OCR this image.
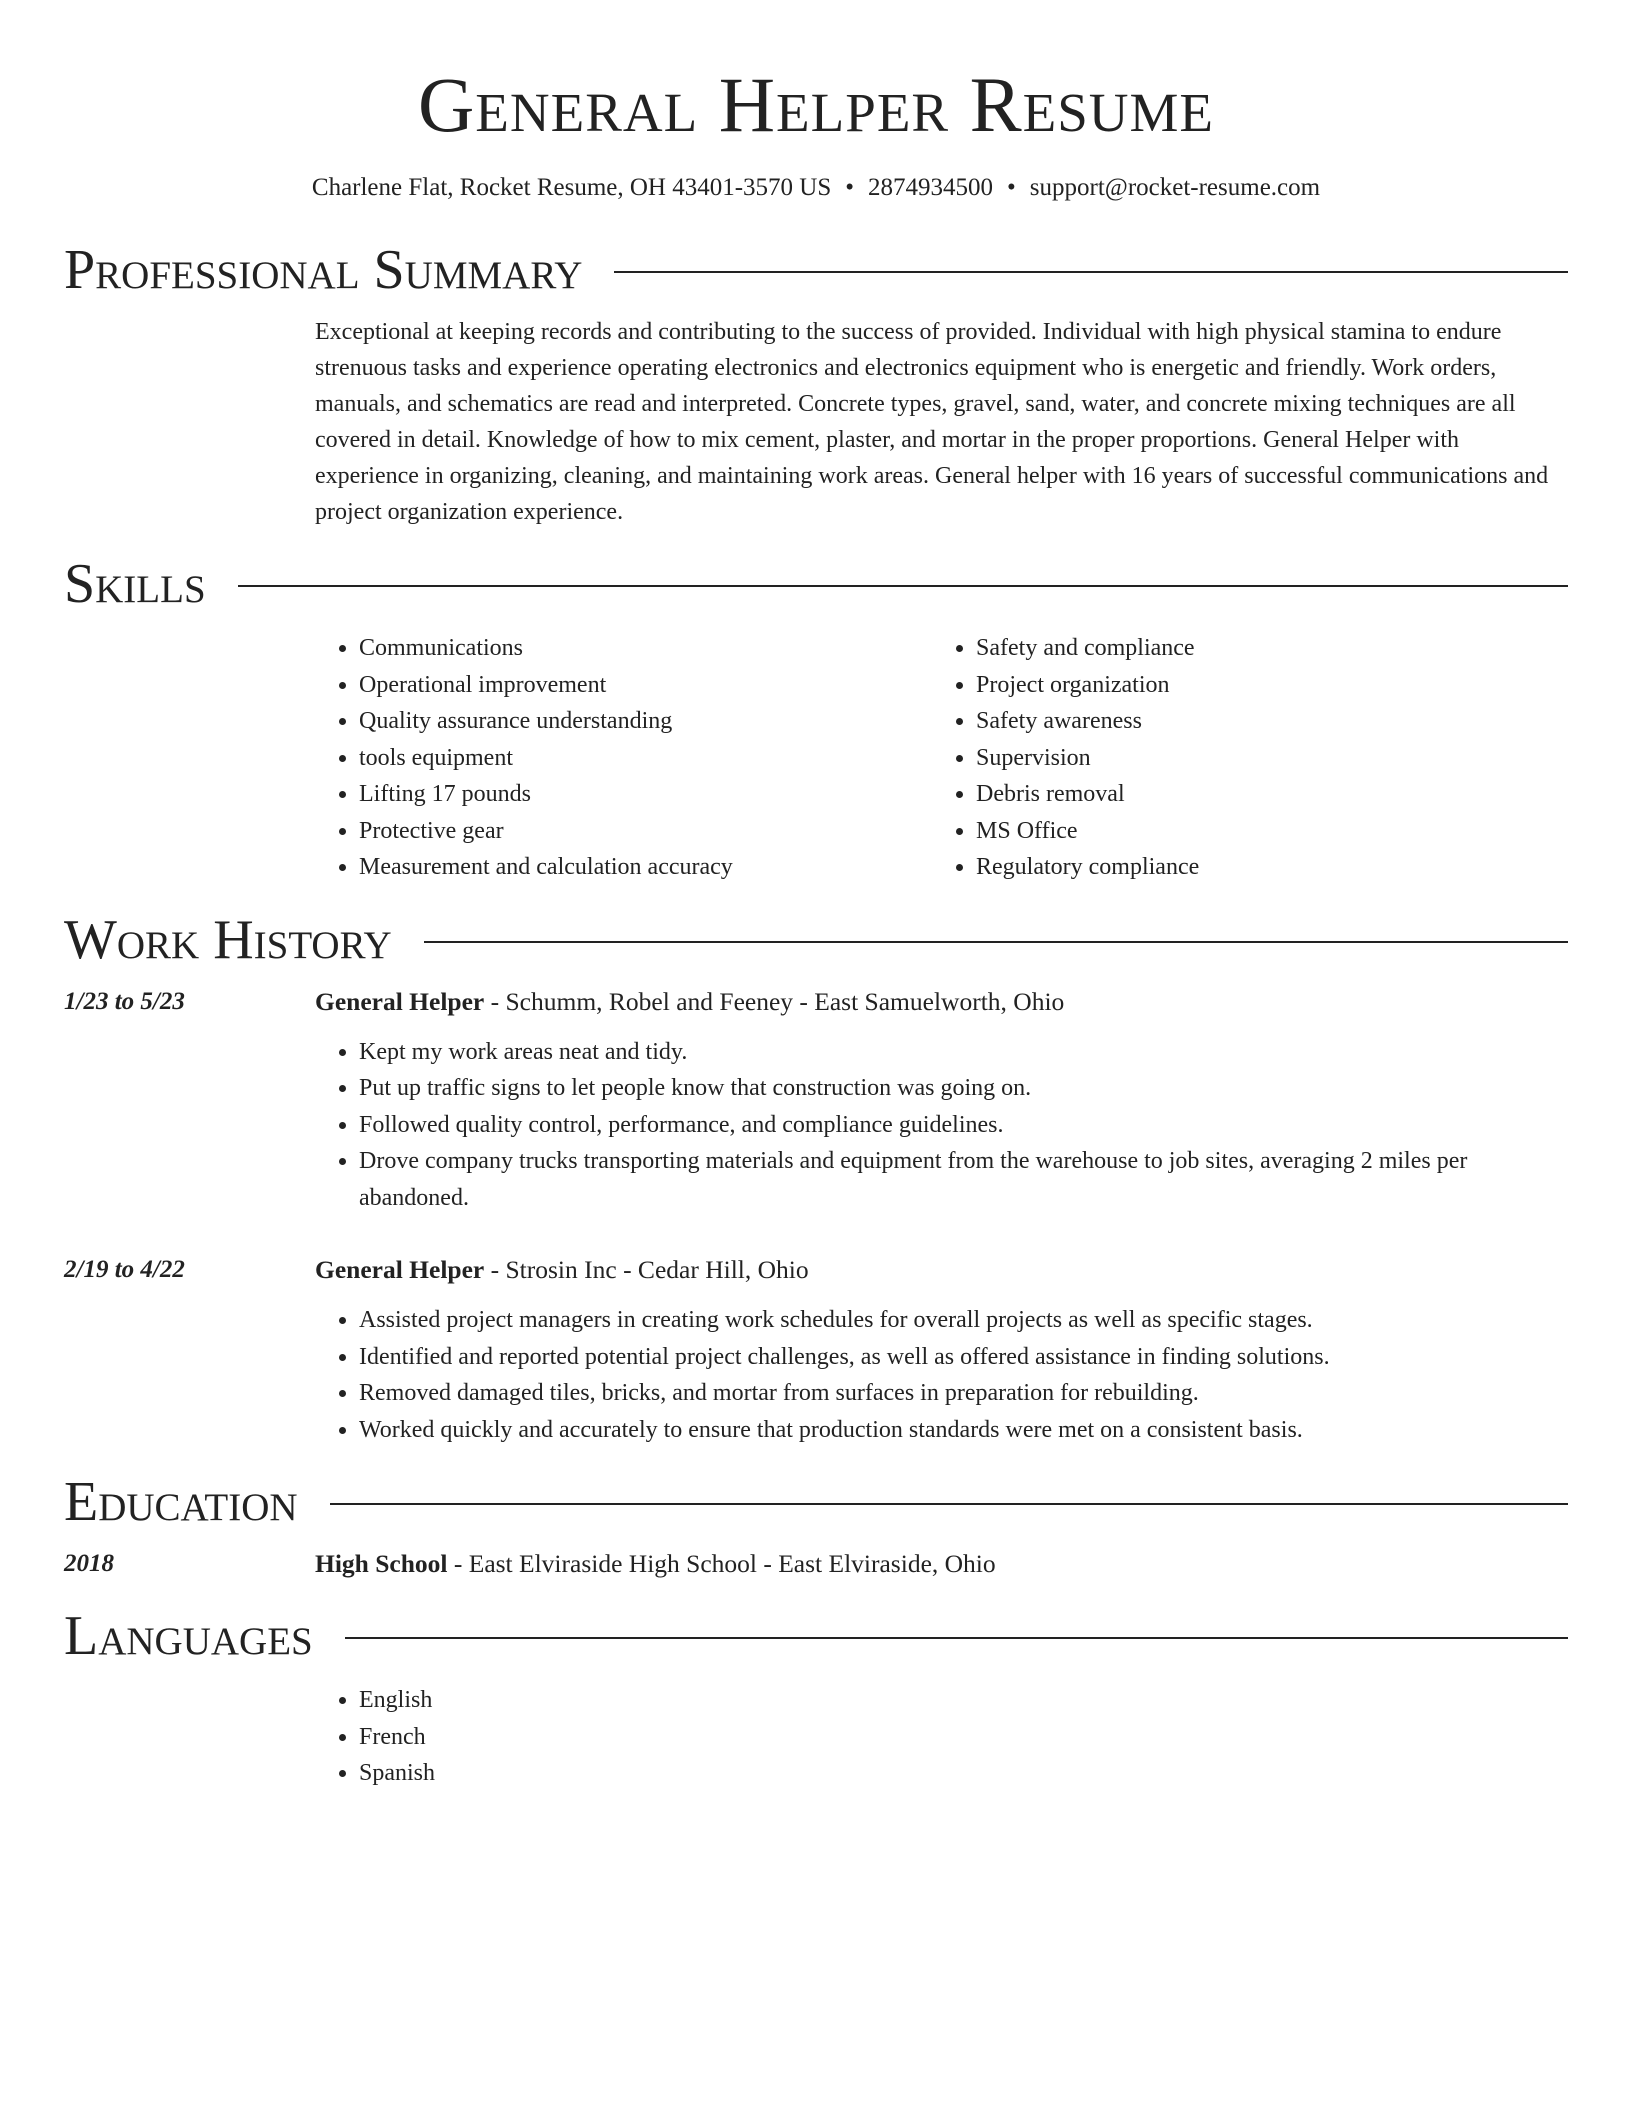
General Helper Resume
Charlene Flat, Rocket Resume, OH 43401-3570 US • 2874934500 • support@rocket-resume.com
Professional Summary

Exceptional at keeping records and contributing to the success of provided. Individual with high physical stamina to endure strenuous tasks and experience operating electronics and electronics equipment who is energetic and friendly. Work orders, manuals, and schematics are read and interpreted. Concrete types, gravel, sand, water, and concrete mixing techniques are all covered in detail. Knowledge of how to mix cement, plaster, and mortar in the proper proportions. General Helper with experience in organizing, cleaning, and maintaining work areas. General helper with 16 years of successful communications and project organization experience.

Skills
• Communications
• Operational improvement
• Quality assurance understanding
• tools equipment
• Lifting 17 pounds
• Protective gear
• Measurement and calculation accuracy
• Safety and compliance
• Project organization
• Safety awareness
• Supervision
• Debris removal
• MS Office
• Regulatory compliance
Work History
1/23 to 5/23	General Helper - Schumm, Robel and Feeney - East Samuelworth, Ohio
• Kept my work areas neat and tidy.
• Put up traffic signs to let people know that construction was going on.
• Followed quality control, performance, and compliance guidelines.
• Drove company trucks transporting materials and equipment from the warehouse to job sites, averaging 2 miles per abandoned.
2/19 to 4/22	General Helper - Strosin Inc - Cedar Hill, Ohio
• Assisted project managers in creating work schedules for overall projects as well as specific stages.
• Identified and reported potential project challenges, as well as offered assistance in finding solutions.
• Removed damaged tiles, bricks, and mortar from surfaces in preparation for rebuilding.
• Worked quickly and accurately to ensure that production standards were met on a consistent basis.
Education
2018	High School - East Elviraside High School - East Elviraside, Ohio
Languages
• English
• French
• Spanish
